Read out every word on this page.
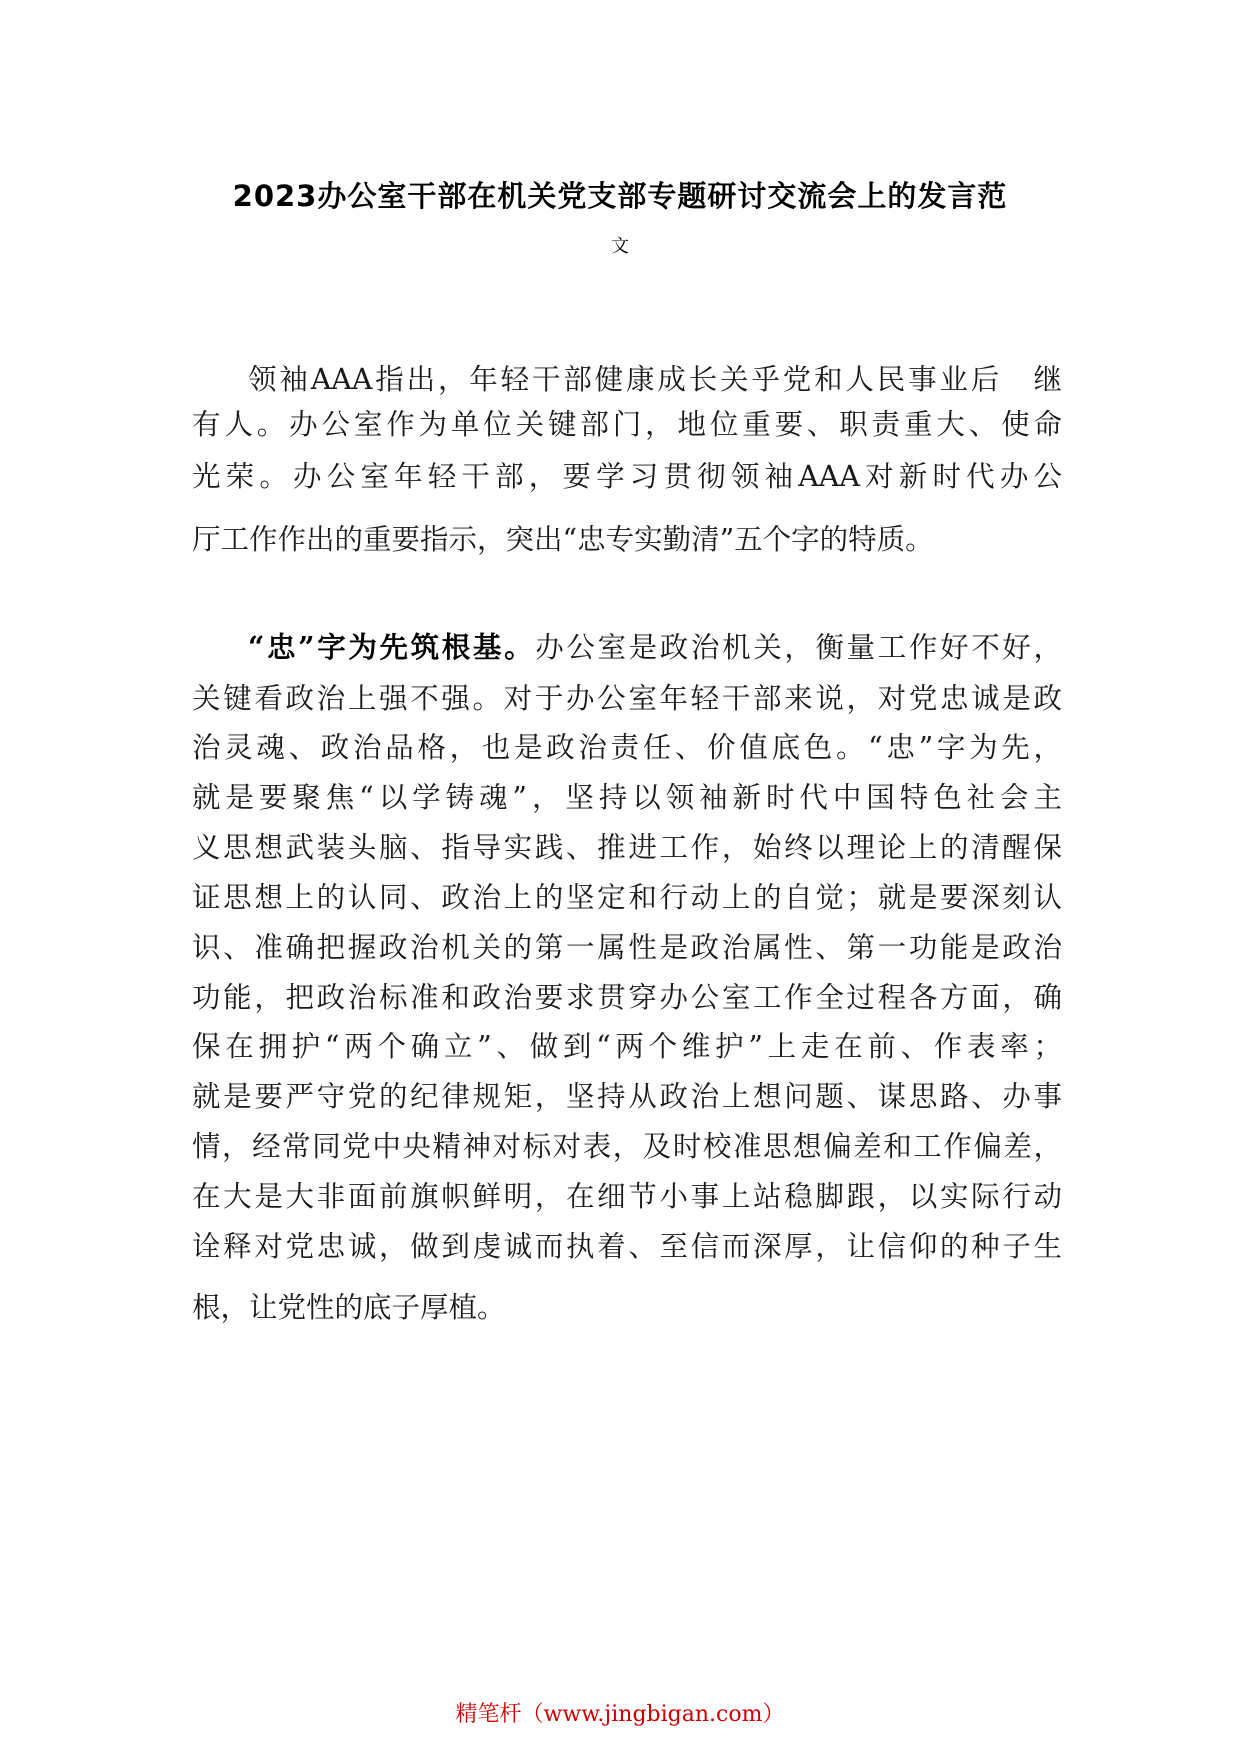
2023办公室干部在机关党支部专题研讨交流会上的发言范
文
领袖AAA指出，年轻干部健康成长关乎党和人民事业后　继
有人。办公室作为单位关键部门，地位重要、职责重大、使命
光荣。办公室年轻干部，要学习贯彻领袖AAA对新时代办公
厅工作作出的重要指示，突出“忠专实勤清”五个字的特质。
“忠”字为先筑根基。办公室是政治机关，衡量工作好不好，
关键看政治上强不强。对于办公室年轻干部来说，对党忠诚是政
治灵魂、政治品格，也是政治责任、价值底色。“忠”字为先，
就是要聚焦“以学铸魂”，坚持以领袖新时代中国特色社会主
义思想武装头脑、指导实践、推进工作，始终以理论上的清醒保
证思想上的认同、政治上的坚定和行动上的自觉；就是要深刻认
识、准确把握政治机关的第一属性是政治属性、第一功能是政治
功能，把政治标准和政治要求贯穿办公室工作全过程各方面，确
保在拥护“两个确立”、做到“两个维护”上走在前、作表率；
就是要严守党的纪律规矩，坚持从政治上想问题、谋思路、办事
情，经常同党中央精神对标对表，及时校准思想偏差和工作偏差，
在大是大非面前旗帜鲜明，在细节小事上站稳脚跟，以实际行动
诠释对党忠诚，做到虔诚而执着、至信而深厚，让信仰的种子生
根，让党性的底子厚植。
精笔杆（www.jingbigan.com）
